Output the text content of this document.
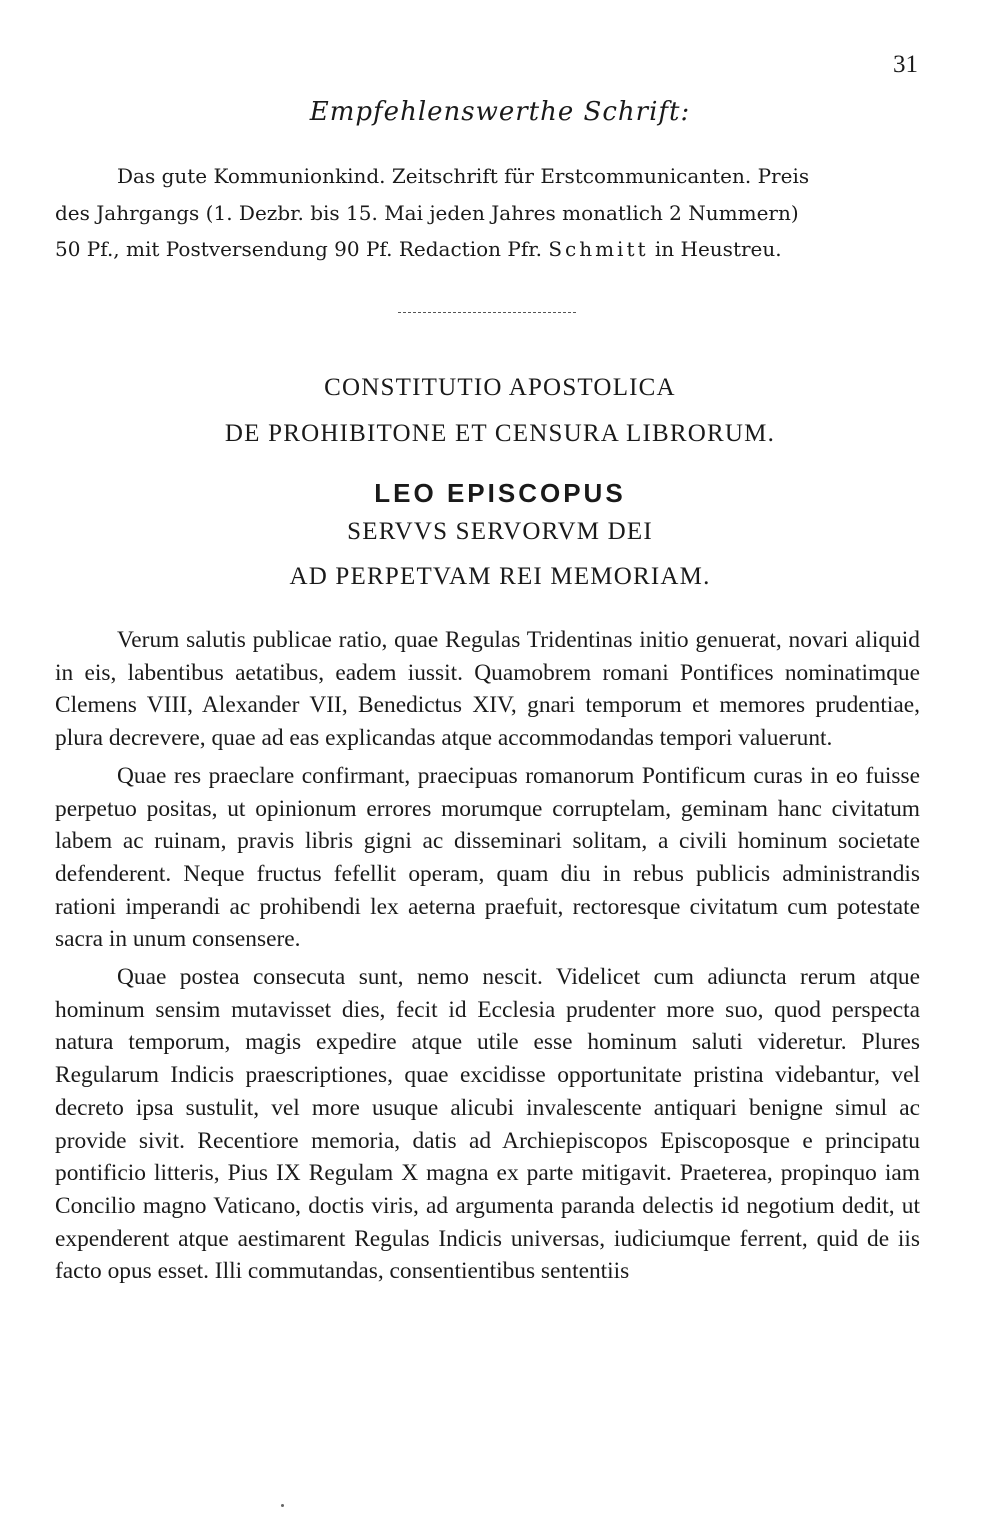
31
Empfehlenswerthe Schrift:
Das gute Kommunionkind. Zeitschrift für Erstcommunicanten. Preis
des Jahrgangs (1. Dezbr. bis 15. Mai jeden Jahres monatlich 2 Nummern)
50 Pf., mit Postversendung 90 Pf. Redaction Pfr. Schmitt in Heustreu.
CONSTITUTIO APOSTOLICA
DE PROHIBITONE ET CENSURA LIBRORUM.
LEO EPISCOPUS
SERVVS SERVORVM DEI
AD PERPETVAM REI MEMORIAM.

Verum salutis publicae ratio, quae Regulas Tridentinas initio genuerat, novari aliquid in eis, labentibus aetatibus, eadem iussit. Quamobrem romani Pontifices nominatimque Clemens VIII, Alexander VII, Benedictus XIV, gnari temporum et memores prudentiae, plura decrevere, quae ad eas explicandas atque accommodandas tempori valuerunt.

Quae res praeclare confirmant, praecipuas romanorum Pontificum curas in eo fuisse perpetuo positas, ut opinionum errores morumque corruptelam, geminam hanc civitatum labem ac ruinam, pravis libris gigni ac disseminari solitam, a civili hominum societate defenderent. Neque fructus fefellit operam, quam diu in rebus publicis administrandis rationi imperandi ac prohibendi lex aeterna praefuit, rectoresque civitatum cum potestate sacra in unum consensere.

Quae postea consecuta sunt, nemo nescit. Videlicet cum adiuncta rerum atque hominum sensim mutavisset dies, fecit id Ecclesia prudenter more suo, quod perspecta natura temporum, magis expedire atque utile esse hominum saluti videretur. Plures Regularum Indicis praescriptiones, quae excidisse opportunitate pristina videbantur, vel decreto ipsa sustulit, vel more usuque alicubi invalescente antiquari benigne simul ac provide sivit. Recentiore memoria, datis ad Archiepiscopos Episcoposque e principatu pontificio litteris, Pius IX Regulam X magna ex parte mitigavit. Praeterea, propinquo iam Concilio magno Vaticano, doctis viris, ad argumenta paranda delectis id negotium dedit, ut expenderent atque aestimarent Regulas Indicis universas, iudiciumque ferrent, quid de iis facto opus esset. Illi commutandas, consentientibus sententiis
